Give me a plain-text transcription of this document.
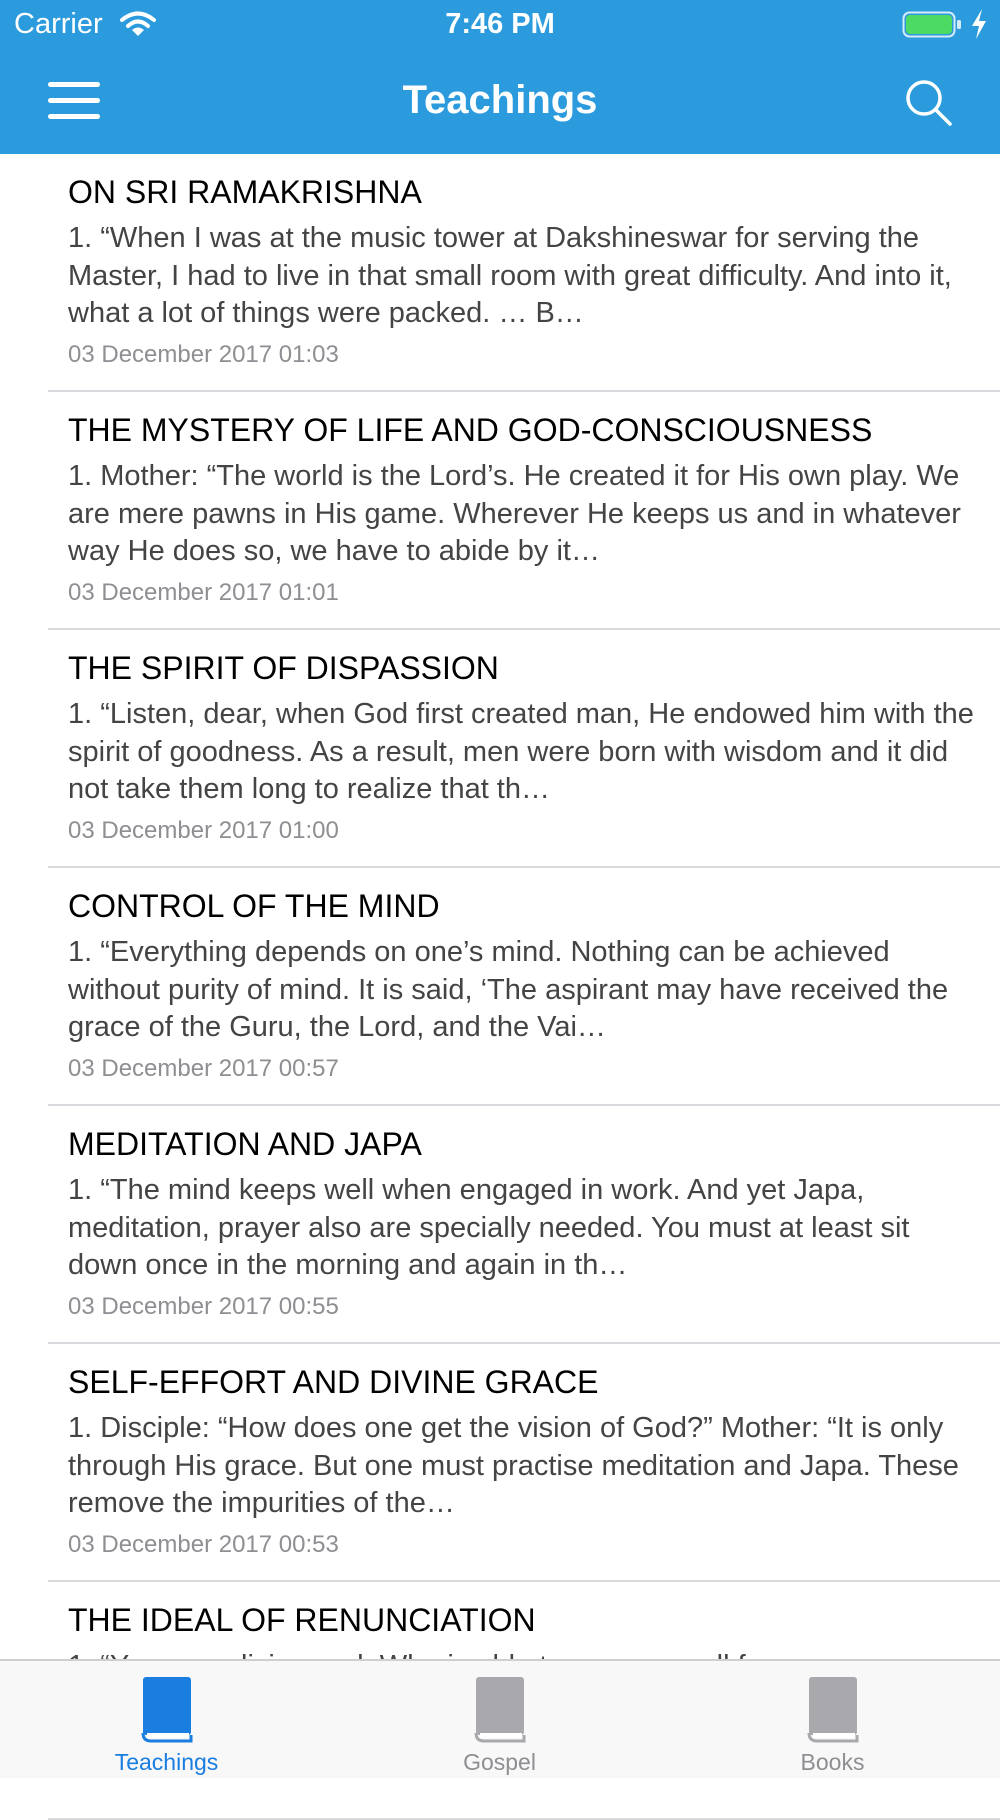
Carrier	7:46 PM
Teachings
ON SRI RAMAKRISHNA
1. “When I was at the music tower at Dakshineswar for serving the Master, I had to live in that small room with great difficulty. And into it, what a lot of things were packed. … B…
03 December 2017 01:03
THE MYSTERY OF LIFE AND GOD-CONSCIOUSNESS
1. Mother: “The world is the Lord’s. He created it for His own play. We are mere pawns in His game. Wherever He keeps us and in whatever way He does so, we have to abide by it…
03 December 2017 01:01
THE SPIRIT OF DISPASSION
1. “Listen, dear, when God first created man, He endowed him with the spirit of goodness. As a result, men were born with wisdom and it did not take them long to realize that th…
03 December 2017 01:00
CONTROL OF THE MIND
1. “Everything depends on one’s mind. Nothing can be achieved without purity of mind. It is said, ‘The aspirant may have received the grace of the Guru, the Lord, and the Vai…
03 December 2017 00:57
MEDITATION AND JAPA
1. “The mind keeps well when engaged in work. And yet Japa, meditation, prayer also are specially needed. You must at least sit down once in the morning and again in th…
03 December 2017 00:55
SELF-EFFORT AND DIVINE GRACE
1. Disciple: “How does one get the vision of God?” Mother: “It is only through His grace. But one must practise meditation and Japa. These remove the impurities of the…
03 December 2017 00:53
THE IDEAL OF RENUNCIATION
Teachings	Gospel	Books
